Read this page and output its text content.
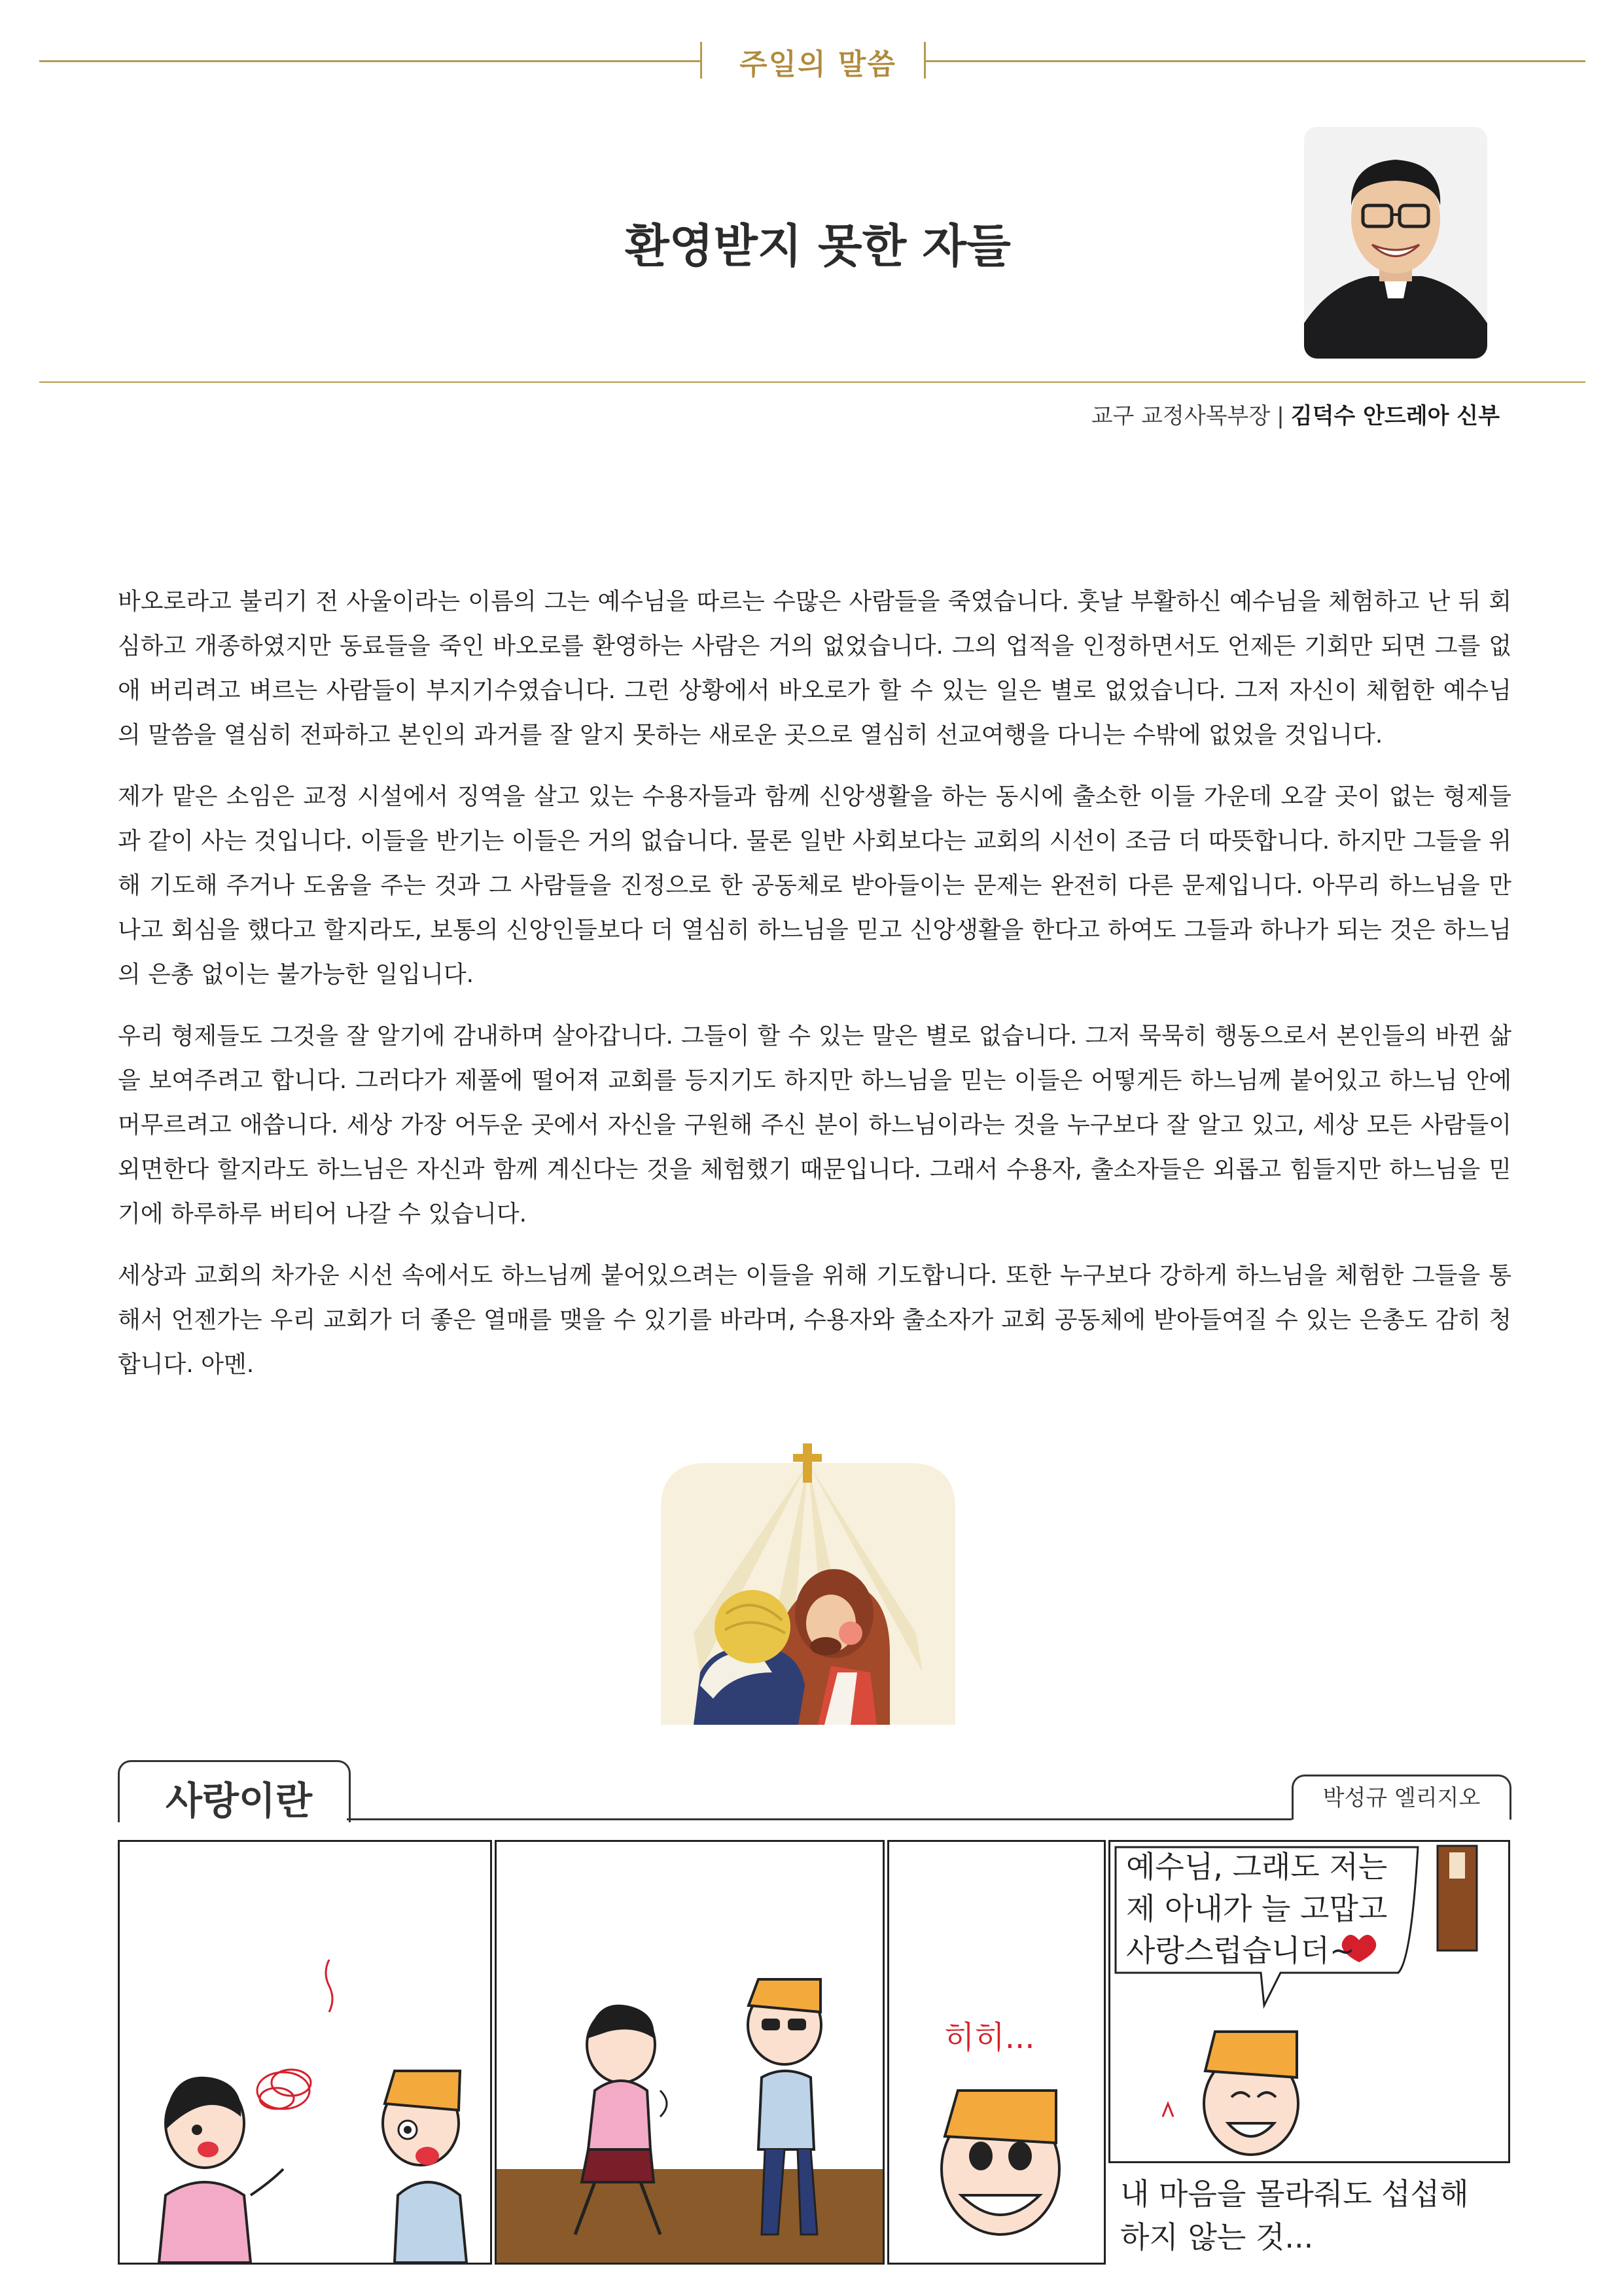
주일의 말씀
환영받지 못한 자들
교구 교정사목부장 | 김덕수 안드레아 신부

바오로라고 불리기 전 사울이라는 이름의 그는 예수님을 따르는 수많은 사람들을 죽였습니다. 훗날 부활하신 예수님을 체험하고 난 뒤 회심하고 개종하였지만 동료들을 죽인 바오로를 환영하는 사람은 거의 없었습니다. 그의 업적을 인정하면서도 언제든 기회만 되면 그를 없애 버리려고 벼르는 사람들이 부지기수였습니다. 그런 상황에서 바오로가 할 수 있는 일은 별로 없었습니다. 그저 자신이 체험한 예수님의 말씀을 열심히 전파하고 본인의 과거를 잘 알지 못하는 새로운 곳으로 열심히 선교여행을 다니는 수밖에 없었을 것입니다.

제가 맡은 소임은 교정 시설에서 징역을 살고 있는 수용자들과 함께 신앙생활을 하는 동시에 출소한 이들 가운데 오갈 곳이 없는 형제들과 같이 사는 것입니다. 이들을 반기는 이들은 거의 없습니다. 물론 일반 사회보다는 교회의 시선이 조금 더 따뜻합니다. 하지만 그들을 위해 기도해 주거나 도움을 주는 것과 그 사람들을 진정으로 한 공동체로 받아들이는 문제는 완전히 다른 문제입니다. 아무리 하느님을 만나고 회심을 했다고 할지라도, 보통의 신앙인들보다 더 열심히 하느님을 믿고 신앙생활을 한다고 하여도 그들과 하나가 되는 것은 하느님의 은총 없이는 불가능한 일입니다.

우리 형제들도 그것을 잘 알기에 감내하며 살아갑니다. 그들이 할 수 있는 말은 별로 없습니다. 그저 묵묵히 행동으로서 본인들의 바뀐 삶을 보여주려고 합니다. 그러다가 제풀에 떨어져 교회를 등지기도 하지만 하느님을 믿는 이들은 어떻게든 하느님께 붙어있고 하느님 안에 머무르려고 애씁니다. 세상 가장 어두운 곳에서 자신을 구원해 주신 분이 하느님이라는 것을 누구보다 잘 알고 있고, 세상 모든 사람들이 외면한다 할지라도 하느님은 자신과 함께 계신다는 것을 체험했기 때문입니다. 그래서 수용자, 출소자들은 외롭고 힘들지만 하느님을 믿기에 하루하루 버티어 나갈 수 있습니다.

세상과 교회의 차가운 시선 속에서도 하느님께 붙어있으려는 이들을 위해 기도합니다. 또한 누구보다 강하게 하느님을 체험한 그들을 통해서 언젠가는 우리 교회가 더 좋은 열매를 맺을 수 있기를 바라며, 수용자와 출소자가 교회 공동체에 받아들여질 수 있는 은총도 감히 청합니다. 아멘.

사랑이란	박성규 엘리지오
히히...
예수님, 그래도 저는
제 아내가 늘 고맙고
사랑스럽습니더~
내 마음을 몰라줘도 섭섭해
하지 않는 것...
